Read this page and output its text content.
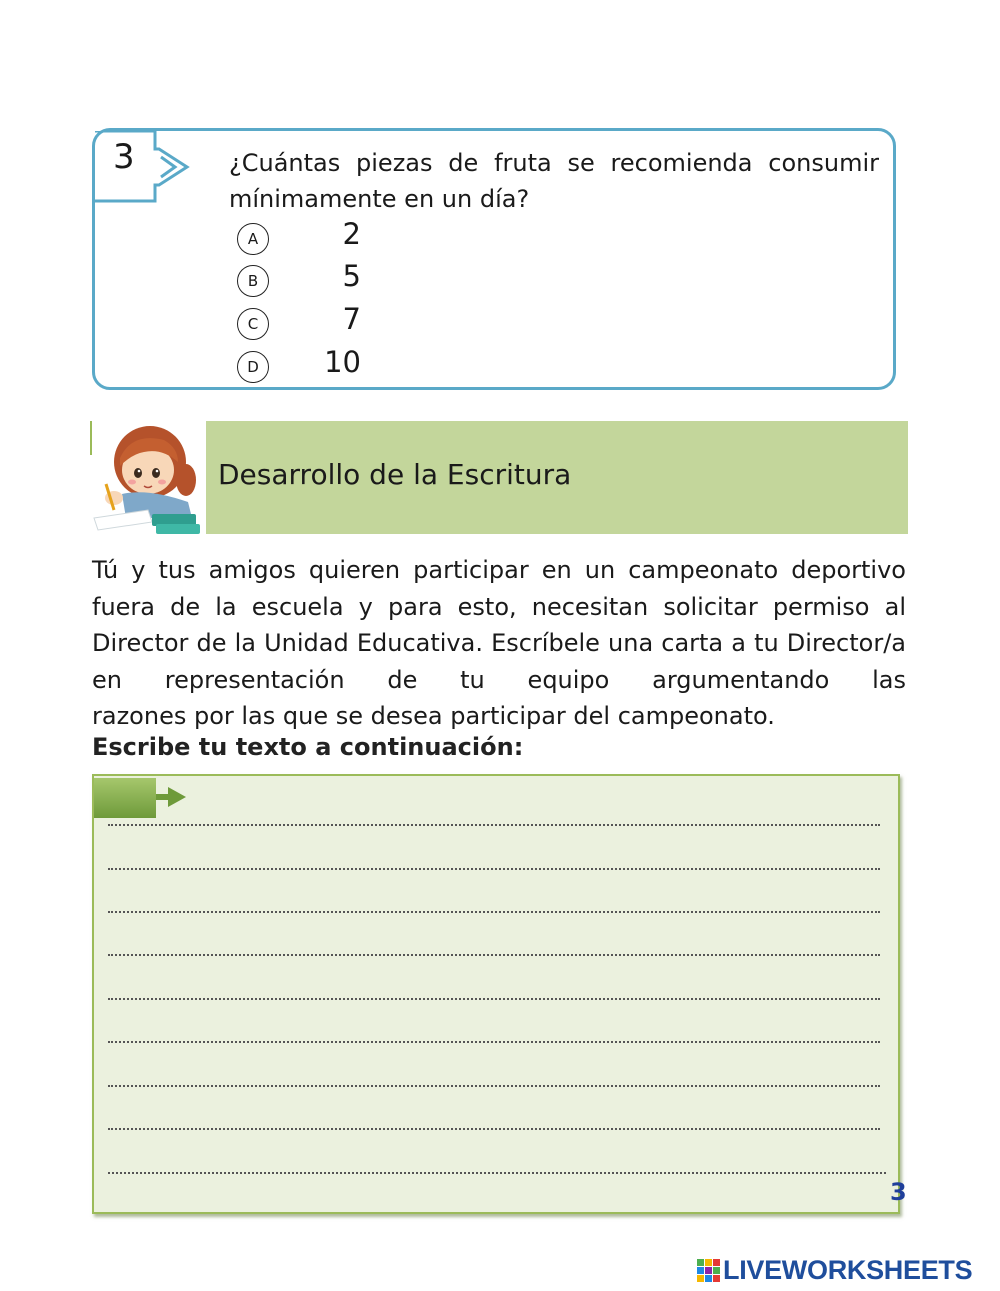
3	¿Cuántas piezas de fruta se recomienda consumir mínimamente en un día?
A	2
B	5
C	7
D	10
Desarrollo de la Escritura
Tú y tus amigos quieren participar en un campeonato deportivo fuera de la escuela y para esto, necesitan solicitar permiso al Director de la Unidad Educativa. Escríbele una carta a tu Director/a en representación de tu equipo argumentando las
razones por las que se desea participar del campeonato.
Escribe tu texto a continuación:
3
LIVEWORKSHEETS
